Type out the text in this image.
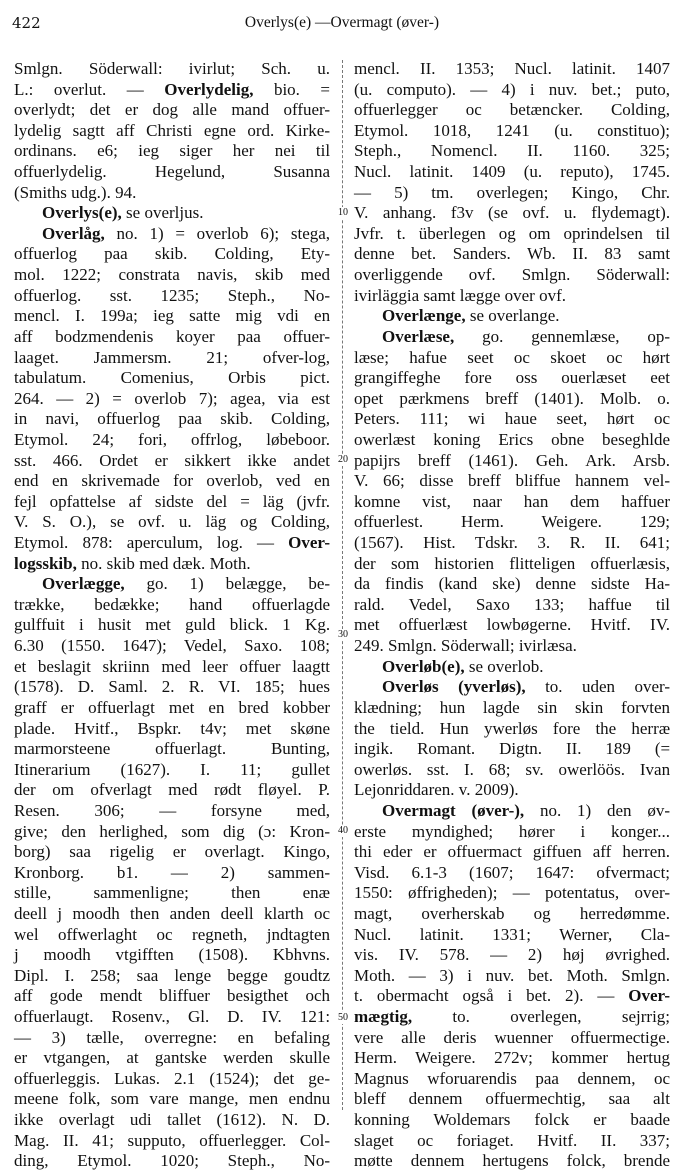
422	Overlys(e) —Overmagt (øver-)
Smlgn. Söderwall: ivirlut; Sch. u.
L.: overlut. — Overlydelig, bio. =
overlydt; det er dog alle mand offuer-
lydelig sagtt aff Christi egne ord. Kirke-
ordinans. e6; ieg siger her nei til
offuerlydelig.	Hegelund,	Susanna
(Smiths udg.). 94.
Overlys(e), se overljus.
Overlåg, no. 1) = overlob 6); stega,
offuerlog paa skib. Colding, Ety-
mol. 1222; constrata navis, skib med
offuerlog. sst. 1235; Steph., No-
mencl. I. 199a; ieg satte mig vdi en
aff bodzmendenis koyer paa offuer-
laaget. Jammersm. 21; ofver-log,
tabulatum. Comenius, Orbis pict.
264. — 2) = overlob 7); agea, via est
in navi, offuerlog paa skib. Colding,
Etymol. 24; fori, offrlog, løbeboor.
sst. 466. Ordet er sikkert ikke andet
end en skrivemade for overlob, ved en
fejl opfattelse af sidste del = läg (jvfr.
V. S. O.), se ovf. u. läg og Colding,
Etymol. 878: aperculum, log. — Over-
logsskib, no. skib med dæk. Moth.
Overlægge, go. 1) belægge, be-
trække, bedække; hand offuerlagde
gulffuit i husit met guld blick. 1 Kg.
6.30 (1550. 1647); Vedel, Saxo. 108;
et beslagit skriinn med leer offuer laagtt
(1578). D. Saml. 2. R. VI. 185; hues
graff er offuerlagt met en bred kobber
plade. Hvitf., Bspkr. t4v; met skøne
marmorsteene	offuerlagt.	Bunting,
Itinerarium (1627). I. 11; gullet
der om ofverlagt med rødt fløyel. P.
Resen. 306; — forsyne med,
give; den herlighed, som dig (ɔ: Kron-
borg) saa rigelig er overlagt. Kingo,
Kronborg. b1. — 2) sammen-
stille, sammenligne; then enæ
deell j moodh then anden deell klarth oc
wel offwerlaght oc regneth, jndtagten
j moodh vtgifften (1508). Kbhvns.
Dipl. I. 258; saa lenge begge goudtz
aff gode mendt bliffuer besigthet och
offuerlaugt. Rosenv., Gl. D. IV. 121:
— 3) tælle, overregne: en befaling
er vtgangen, at gantske werden skulle
offuerleggis. Lukas. 2.1 (1524); det ge-
meene folk, som vare mange, men endnu
ikke overlagt udi tallet (1612). N. D.
Mag. II. 41; supputo, offuerlegger. Col-
ding, Etymol. 1020; Steph., No-
mencl. II. 1353; Nucl. latinit. 1407
(u. computo). — 4) i nuv. bet.; puto,
offuerlegger oc betæncker. Colding,
Etymol. 1018, 1241 (u. constituo);
Steph., Nomencl. II. 1160. 325;
Nucl. latinit. 1409 (u. reputo), 1745.
— 5) tm. overlegen; Kingo, Chr.
V. anhang. f3v (se ovf. u. flydemagt).
Jvfr. t. überlegen og om oprindelsen til
denne bet. Sanders. Wb. II. 83 samt
overliggende ovf. Smlgn. Söderwall:
ivirläggia samt lægge over ovf.
Overlænge, se overlange.
Overlæse, go. gennemlæse, op-
læse; hafue seet oc skoet oc hørt
grangiffeghe fore oss ouerlæset eet
opet pærkmens breff (1401). Molb. o.
Peters. 111; wi haue seet, hørt oc
owerlæst koning Erics obne beseghlde
papijrs breff (1461). Geh. Ark. Arsb.
V. 66; disse breff bliffue hannem vel-
komne vist, naar han dem haffuer
offuerlest. Herm. Weigere. 129;
(1567). Hist. Tdskr. 3. R. II. 641;
der som historien flitteligen offuerlæsis,
da findis (kand ske) denne sidste Ha-
rald. Vedel, Saxo 133; haffue til
met offuerlæst lowbøgerne. Hvitf. IV.
249. Smlgn. Söderwall; ivirlæsa.
Overløb(e), se overlob.
Overløs (yverløs), to. uden over-
klædning; hun lagde sin skin forvten
the tield. Hun ywerløs fore the herræ
ingik. Romant. Digtn. II. 189 (=
owerløs. sst. I. 68; sv. owerlöös. Ivan
Lejonriddaren. v. 2009).
Overmagt (øver-), no. 1) den øv-
erste myndighed; hører i konger...
thi eder er offuermact giffuen aff herren.
Visd. 6.1-3 (1607; 1647: ofvermact;
1550: øffrigheden); — potentatus, over-
magt, overherskab og herredømme.
Nucl. latinit. 1331; Werner, Cla-
vis. IV. 578. — 2) høj øvrighed.
Moth. — 3) i nuv. bet. Moth. Smlgn.
t. obermacht også i bet. 2). — Over-
mægtig, to. overlegen, sejrrig;
vere alle deris wuenner offuermectige.
Herm. Weigere. 272v; kommer hertug
Magnus wforuarendis paa dennem, oc
bleff dennem offuermechtig, saa alt
konning Woldemars folck er baade
slaget oc foriaget. Hvitf. II. 337;
møtte dennem hertugens folck, brende
10
20
30
40
50
